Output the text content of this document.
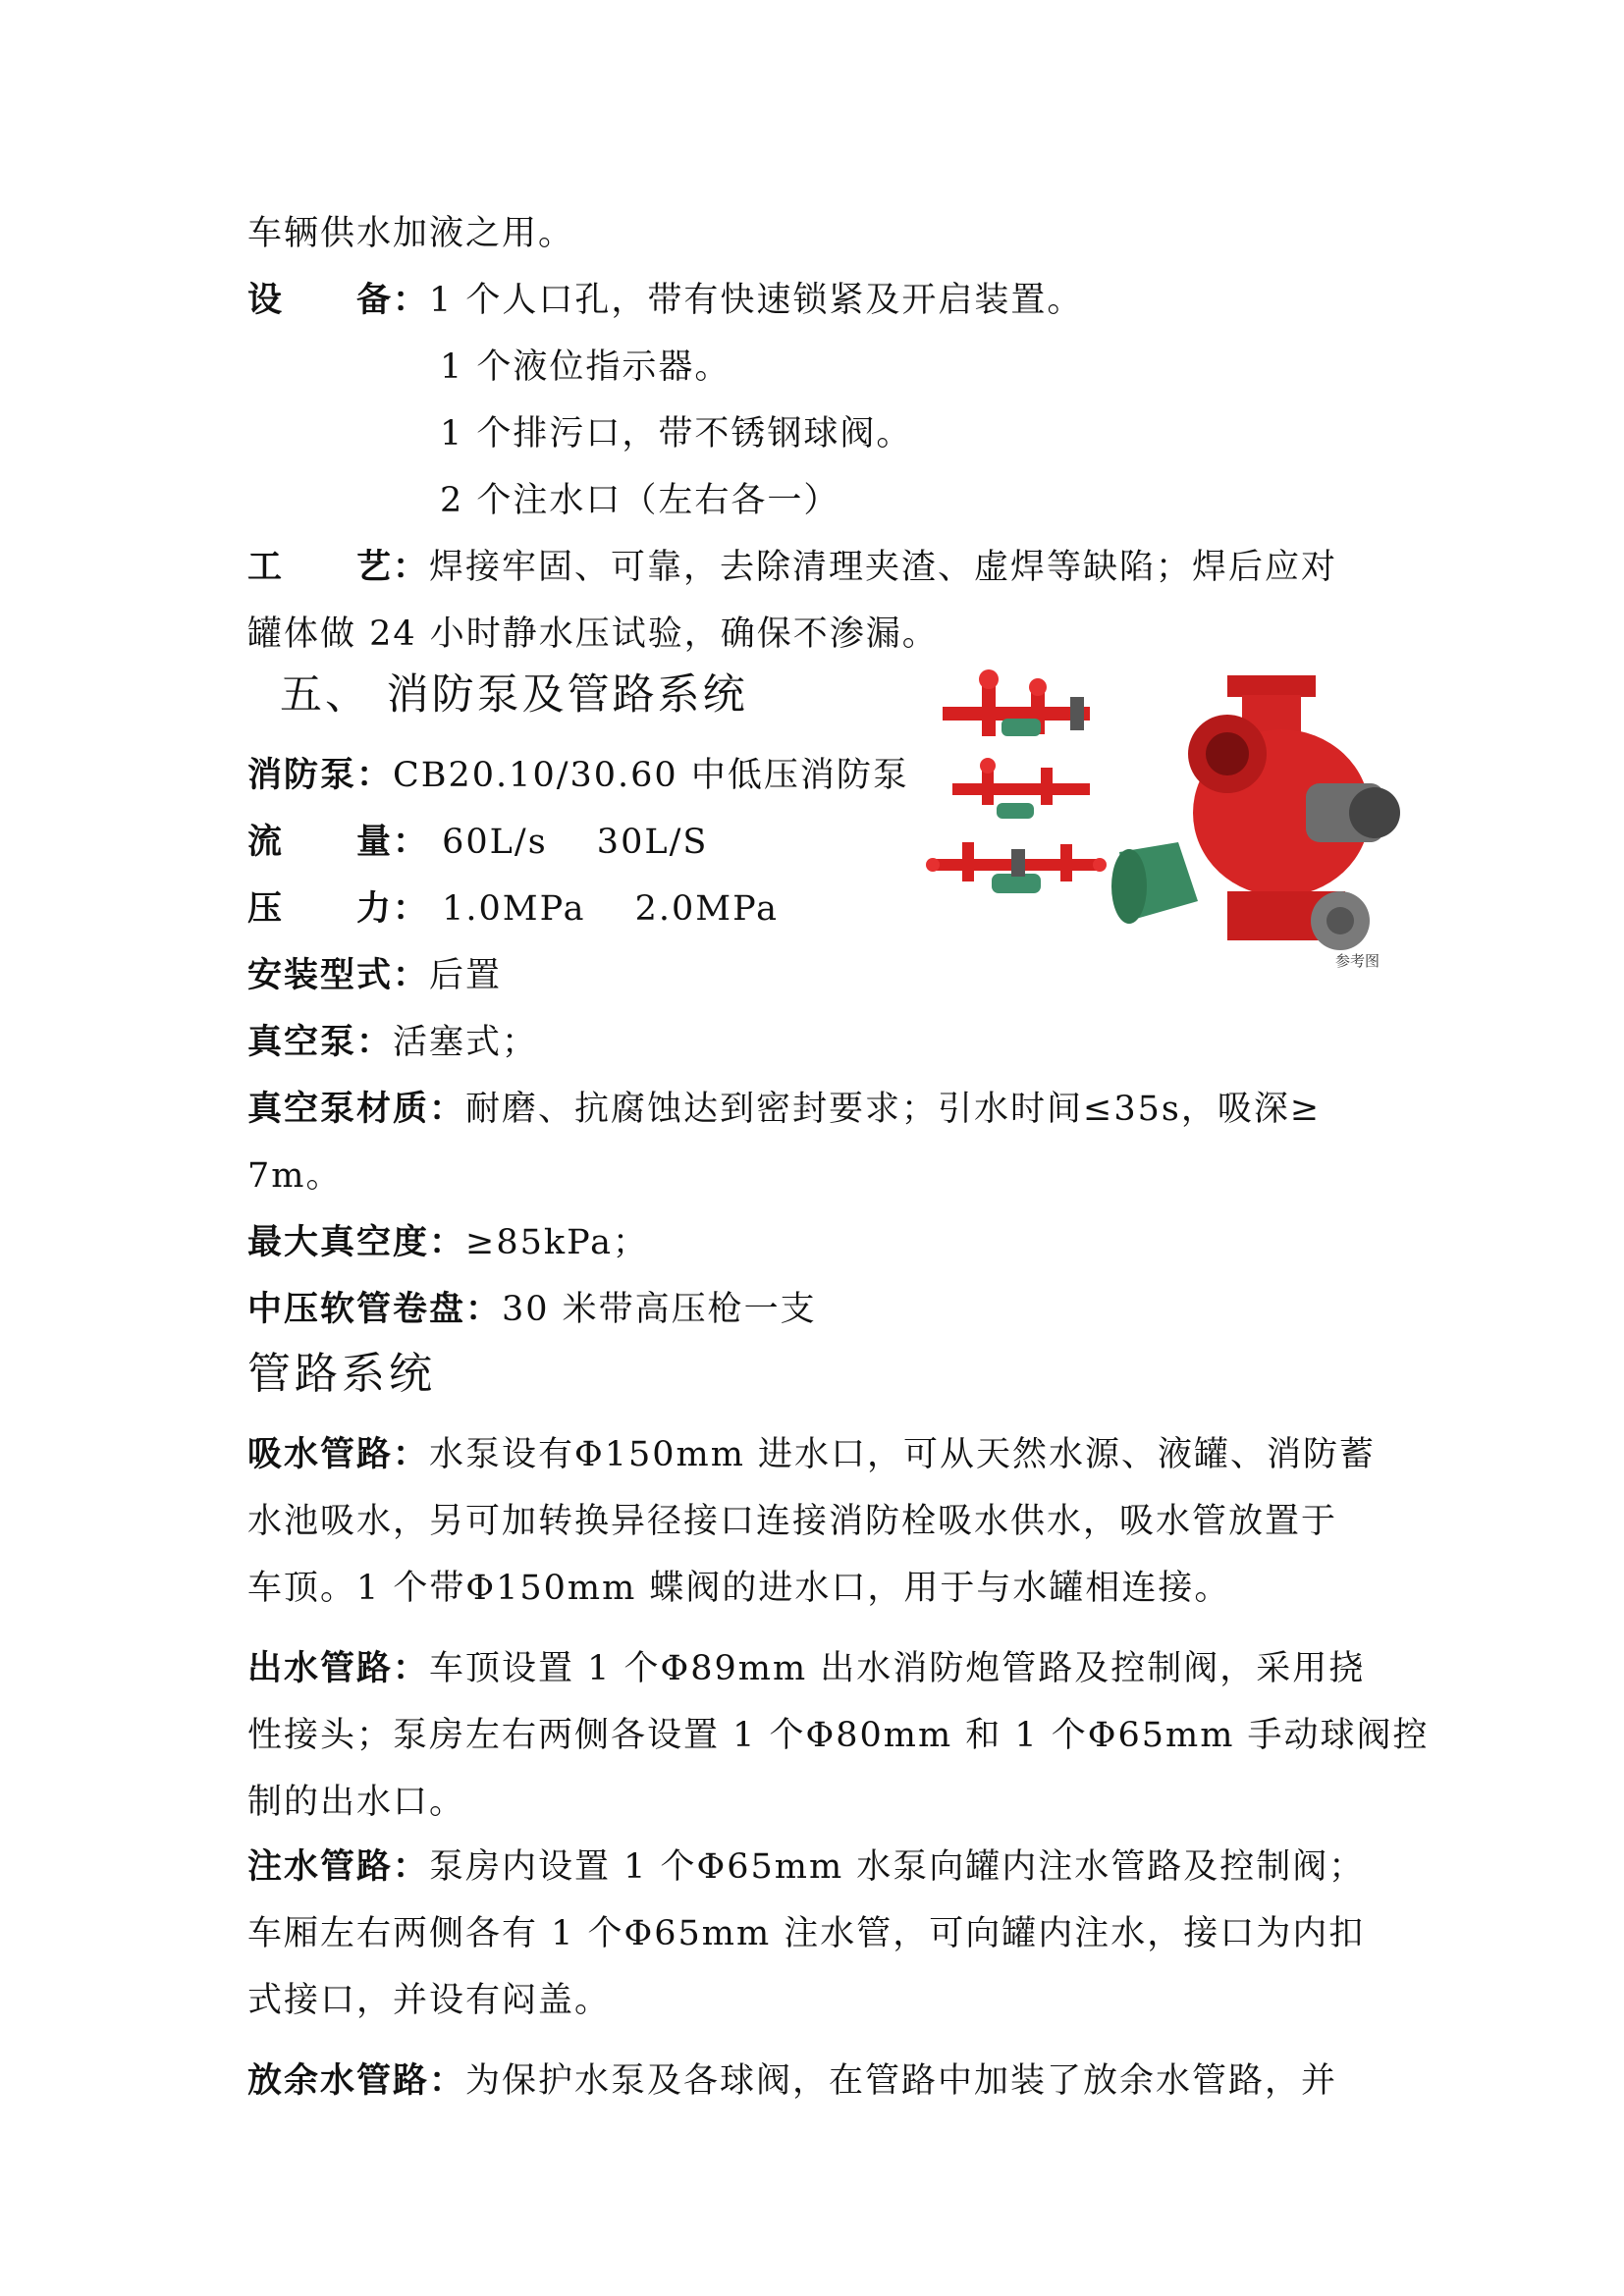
车辆供水加液之用。
设　　备：1 个人口孔，带有快速锁紧及开启装置。
1 个液位指示器。
1 个排污口，带不锈钢球阀。
2 个注水口（左右各一）
工　　艺：焊接牢固、可靠，去除清理夹渣、虚焊等缺陷；焊后应对
罐体做 24 小时静水压试验，确保不渗漏。
五、 消防泵及管路系统
消防泵：CB20.10/30.60 中低压消防泵
流　　量： 60L/s　 30L/S
压　　力： 1.0MPa　 2.0MPa
安装型式：后置
真空泵：活塞式；
真空泵材质：耐磨、抗腐蚀达到密封要求；引水时间≤35s，吸深≥
7m。
最大真空度：≥85kPa；
中压软管卷盘：30 米带高压枪一支
参考图
管路系统
吸水管路：水泵设有Φ150mm 进水口，可从天然水源、液罐、消防蓄
水池吸水，另可加转换异径接口连接消防栓吸水供水，吸水管放置于
车顶。1 个带Φ150mm 蝶阀的进水口，用于与水罐相连接。
出水管路：车顶设置 1 个Φ89mm 出水消防炮管路及控制阀，采用挠
性接头；泵房左右两侧各设置 1 个Φ80mm 和 1 个Φ65mm 手动球阀控
制的出水口。
注水管路：泵房内设置 1 个Φ65mm 水泵向罐内注水管路及控制阀；
车厢左右两侧各有 1 个Φ65mm 注水管，可向罐内注水，接口为内扣
式接口，并设有闷盖。
放余水管路：为保护水泵及各球阀，在管路中加装了放余水管路，并
